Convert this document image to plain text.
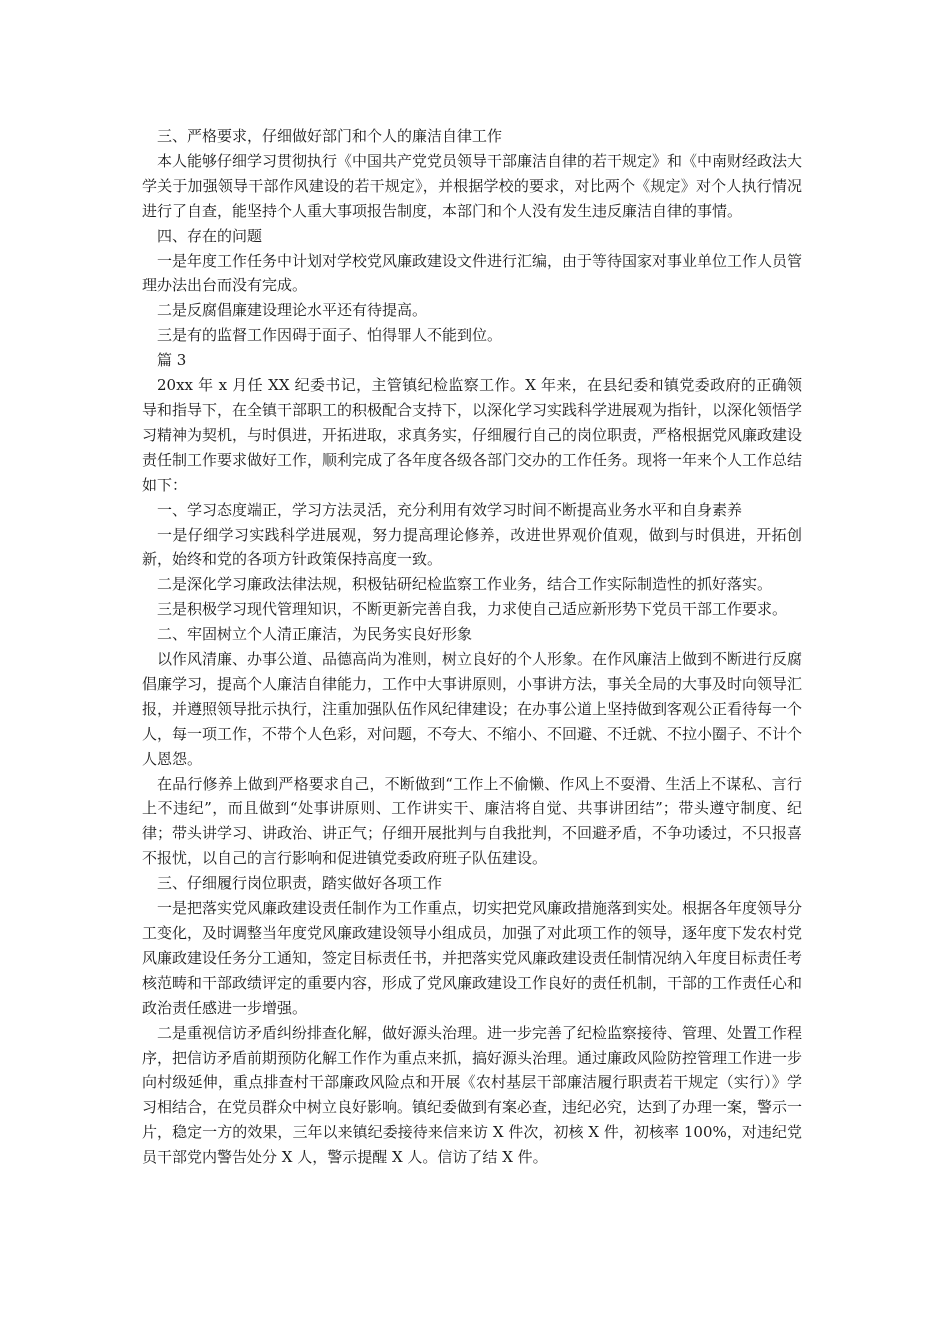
三、严格要求，仔细做好部门和个人的廉洁自律工作

本人能够仔细学习贯彻执行《中国共产党党员领导干部廉洁自律的若干规定》和《中南财经政法大学关于加强领导干部作风建设的若干规定》，并根据学校的要求，对比两个《规定》对个人执行情况进行了自查，能坚持个人重大事项报告制度，本部门和个人没有发生违反廉洁自律的事情。

四、存在的问题

一是年度工作任务中计划对学校党风廉政建设文件进行汇编，由于等待国家对事业单位工作人员管理办法出台而没有完成。

二是反腐倡廉建设理论水平还有待提高。

三是有的监督工作因碍于面子、怕得罪人不能到位。

篇 3

20xx 年 x 月任 XX 纪委书记，主管镇纪检监察工作。X 年来，在县纪委和镇党委政府的正确领导和指导下，在全镇干部职工的积极配合支持下，以深化学习实践科学进展观为指针，以深化领悟学习精神为契机，与时俱进，开拓进取，求真务实，仔细履行自己的岗位职责，严格根据党风廉政建设责任制工作要求做好工作，顺利完成了各年度各级各部门交办的工作任务。现将一年来个人工作总结如下：

一、学习态度端正，学习方法灵活，充分利用有效学习时间不断提高业务水平和自身素养

一是仔细学习实践科学进展观，努力提高理论修养，改进世界观价值观，做到与时俱进，开拓创新，始终和党的各项方针政策保持高度一致。

二是深化学习廉政法律法规，积极钻研纪检监察工作业务，结合工作实际制造性的抓好落实。

三是积极学习现代管理知识，不断更新完善自我，力求使自己适应新形势下党员干部工作要求。

二、牢固树立个人清正廉洁，为民务实良好形象

以作风清廉、办事公道、品德高尚为准则，树立良好的个人形象。在作风廉洁上做到不断进行反腐倡廉学习，提高个人廉洁自律能力，工作中大事讲原则，小事讲方法，事关全局的大事及时向领导汇报，并遵照领导批示执行，注重加强队伍作风纪律建设；在办事公道上坚持做到客观公正看待每一个人，每一项工作，不带个人色彩，对问题，不夸大、不缩小、不回避、不迁就、不拉小圈子、不计个人恩怨。

在品行修养上做到严格要求自己，不断做到“工作上不偷懒、作风上不耍滑、生活上不谋私、言行上不违纪”，而且做到“处事讲原则、工作讲实干、廉洁将自觉、共事讲团结”；带头遵守制度、纪律；带头讲学习、讲政治、讲正气；仔细开展批判与自我批判，不回避矛盾，不争功诿过，不只报喜不报忧，以自己的言行影响和促进镇党委政府班子队伍建设。

三、仔细履行岗位职责，踏实做好各项工作

一是把落实党风廉政建设责任制作为工作重点，切实把党风廉政措施落到实处。根据各年度领导分工变化，及时调整当年度党风廉政建设领导小组成员，加强了对此项工作的领导，逐年度下发农村党风廉政建设任务分工通知，签定目标责任书，并把落实党风廉政建设责任制情况纳入年度目标责任考核范畴和干部政绩评定的重要内容，形成了党风廉政建设工作良好的责任机制，干部的工作责任心和政治责任感进一步增强。

二是重视信访矛盾纠纷排查化解，做好源头治理。进一步完善了纪检监察接待、管理、处置工作程序，把信访矛盾前期预防化解工作作为重点来抓，搞好源头治理。通过廉政风险防控管理工作进一步向村级延伸，重点排查村干部廉政风险点和开展《农村基层干部廉洁履行职责若干规定（实行）》学习相结合，在党员群众中树立良好影响。镇纪委做到有案必查，违纪必究，达到了办理一案，警示一片，稳定一方的效果，三年以来镇纪委接待来信来访 X 件次，初核 X 件，初核率 100%，对违纪党员干部党内警告处分 X 人，警示提醒 X 人。信访了结 X 件。
